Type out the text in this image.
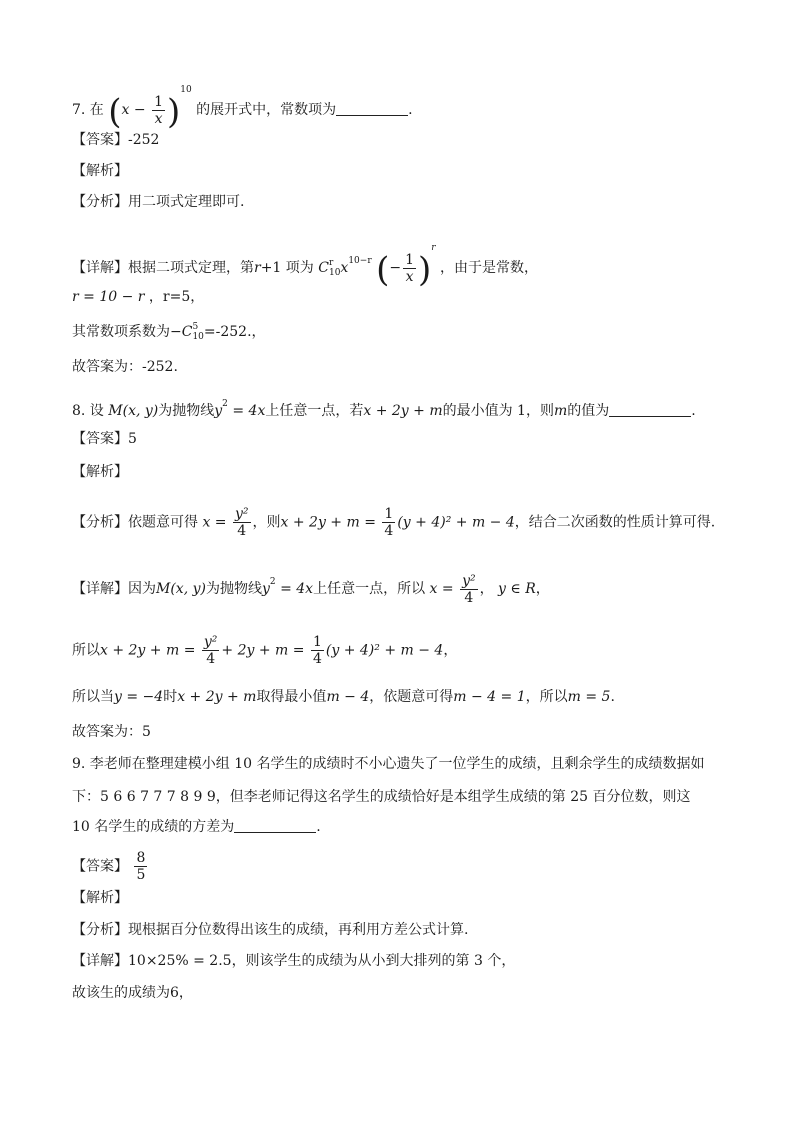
7. 在 $(x - \frac{1}{x} )^{10}$ 的展开式中，常数项为	.
【答案】-252
【解析】
【分析】用二项式定理即可.
【详解】根据二项式定理，第r+1 项为 C r
10 $x^{10-r}$ (− $\frac{1}{x} )^r$ ，由于是常数，
r = 10 − r ，r=5，
其常数项系数为−C 5
10 =-252.，
故答案为：-252.
8. 设 M(x, y)为抛物线$y^2 = 4x$上任意一点，若x + 2y + m的最小值为 1，则m的值为	.
【答案】5
【解析】
【分析】依题意可得 $x = \frac{\text{y²}}{4}$ ，则$x + 2y + m = \frac{1}{4} (y + 4)^2 + m - 4$，结合二次函数的性质计算可得.
【详解】因为M(x, y)为抛物线$y^2 = 4x$上任意一点，所以 $x = \frac{\text{y²}}{4}$ ， y ∈ R，
所以$x + 2y + m = \frac{\text{y²}}{4} + 2y + m = \frac{1}{4} (y + 4)^2 + m - 4$，
所以当y = −4时x + 2y + m取得最小值m − 4，依题意可得m − 4 = 1，所以m = 5.
故答案为：5
9. 李老师在整理建模小组 10 名学生的成绩时不小心遗失了一位学生的成绩，且剩余学生的成绩数据如
下：5 6 6 7 7 7 8 9 9，但李老师记得这名学生的成绩恰好是本组学生成绩的第 25 百分位数，则这
10 名学生的成绩的方差为	.
【答案】 $\frac{8}{5}$
【解析】
【分析】现根据百分位数得出该生的成绩，再利用方差公式计算.
【详解】10×25% = 2.5，则该学生的成绩为从小到大排列的第 3 个，
故该生的成绩为6，
